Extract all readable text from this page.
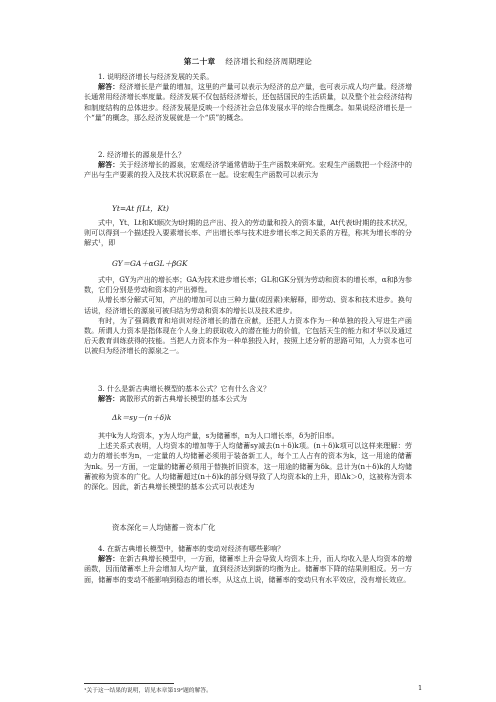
第二十章 经济增长和经济周期理论
1. 说明经济增长与经济发展的关系。
解答：经济增长是产量的增加，这里的产量可以表示为经济的总产量，也可表示成人均产量。经济增长通常用经济增长率度量。经济发展不仅包括经济增长，还包括国民的生活质量，以及整个社会经济结构和制度结构的总体进步。经济发展是反映一个经济社会总体发展水平的综合性概念。如果说经济增长是一个“量”的概念，那么经济发展就是一个“质”的概念。
2. 经济增长的源泉是什么？
解答：关于经济增长的源泉，宏观经济学通常借助于生产函数来研究。宏观生产函数把一个经济中的产出与生产要素的投入及技术状况联系在一起。设宏观生产函数可以表示为
Yt=At f(Lt，Kt)
式中，Yt、Lt和Kt顺次为t时期的总产出、投入的劳动量和投入的资本量，At代表t时期的技术状况，则可以得到一个描述投入要素增长率、产出增长率与技术进步增长率之间关系的方程，称其为增长率的分解式¹，即
GY＝GA＋αGL＋βGK
式中，GY为产出的增长率；GA为技术进步增长率；GL和GK分别为劳动和资本的增长率，α和β为参数，它们分别是劳动和资本的产出弹性。
从增长率分解式可知，产出的增加可以由三种力量(或因素)来解释，即劳动、资本和技术进步。换句话说，经济增长的源泉可被归结为劳动和资本的增长以及技术进步。
有时，为了强调教育和培训对经济增长的潜在贡献，还把人力资本作为一种单独的投入写进生产函数。所谓人力资本是指体现在个人身上的获取收入的潜在能力的价值，它包括天生的能力和才华以及通过后天教育训练获得的技能。当把人力资本作为一种单独投入时，按照上述分析的思路可知，人力资本也可以被归为经济增长的源泉之一。
3. 什么是新古典增长模型的基本公式？它有什么含义？
解答：离散形式的新古典增长模型的基本公式为
Δk＝sy－(n＋δ)k
其中k为人均资本，y为人均产量，s为储蓄率，n为人口增长率，δ为折旧率。
上述关系式表明，人均资本的增加等于人均储蓄sy减去(n＋δ)k项。(n＋δ)k项可以这样来理解：劳动力的增长率为n，一定量的人均储蓄必须用于装备新工人，每个工人占有的资本为k，这一用途的储蓄为nk。另一方面，一定量的储蓄必须用于替换折旧资本，这一用途的储蓄为δk。总计为(n＋δ)k的人均储蓄被称为资本的广化。人均储蓄超过(n＋δ)k的部分则导致了人均资本k的上升，即Δk＞0，这被称为资本的深化。因此，新古典增长模型的基本公式可以表述为
资本深化＝人均储蓄－资本广化
4. 在新古典增长模型中，储蓄率的变动对经济有哪些影响？
解答：在新古典增长模型中，一方面，储蓄率上升会导致人均资本上升，而人均收入是人均资本的增函数，因而储蓄率上升会增加人均产量，直到经济达到新的均衡为止。储蓄率下降的结果则相反。另一方面，储蓄率的变动不能影响到稳态的增长率，从这点上说，储蓄率的变动只有水平效应，没有增长效应。
¹关于这一结果的说明，请见本章第19²题的解答。	1
